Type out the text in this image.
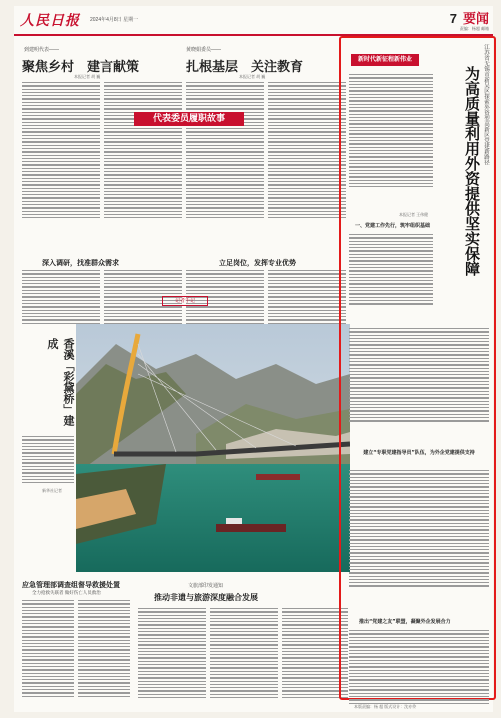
人民日报 2024年4月8日 星期一	7 要闻
责编：杨超 邮箱
到建明代表——
聚焦乡村　建言献策
本报记者 胡 巍
黄晓娟委员——
扎根基层　关注教育
本报记者 胡 巍
代表委员履职故事
深入调研，找准群众需求	立足岗位，发挥专业优势
记者手记
香溪「彩黛桥」建成
新华社记者
应急管理部调查组督导救援处置
全力抢救失联者 做好伤亡人员救治
文旅部印发通知
推动非遗与旅游深度融合发展
本版责编：杨 超 版式设计：沈亦伶
新时代新征程新伟业	江苏省无锡市新吴区探索外资型高新区党建新路径
为高质量利用外资提供坚实保障
本报记者 王伟健
一、党建工作先行，筑牢组织基础
建立“专职党建指导员”队伍，为外企党建提供支持
推出“党建之友”联盟，凝聚外企发展合力
